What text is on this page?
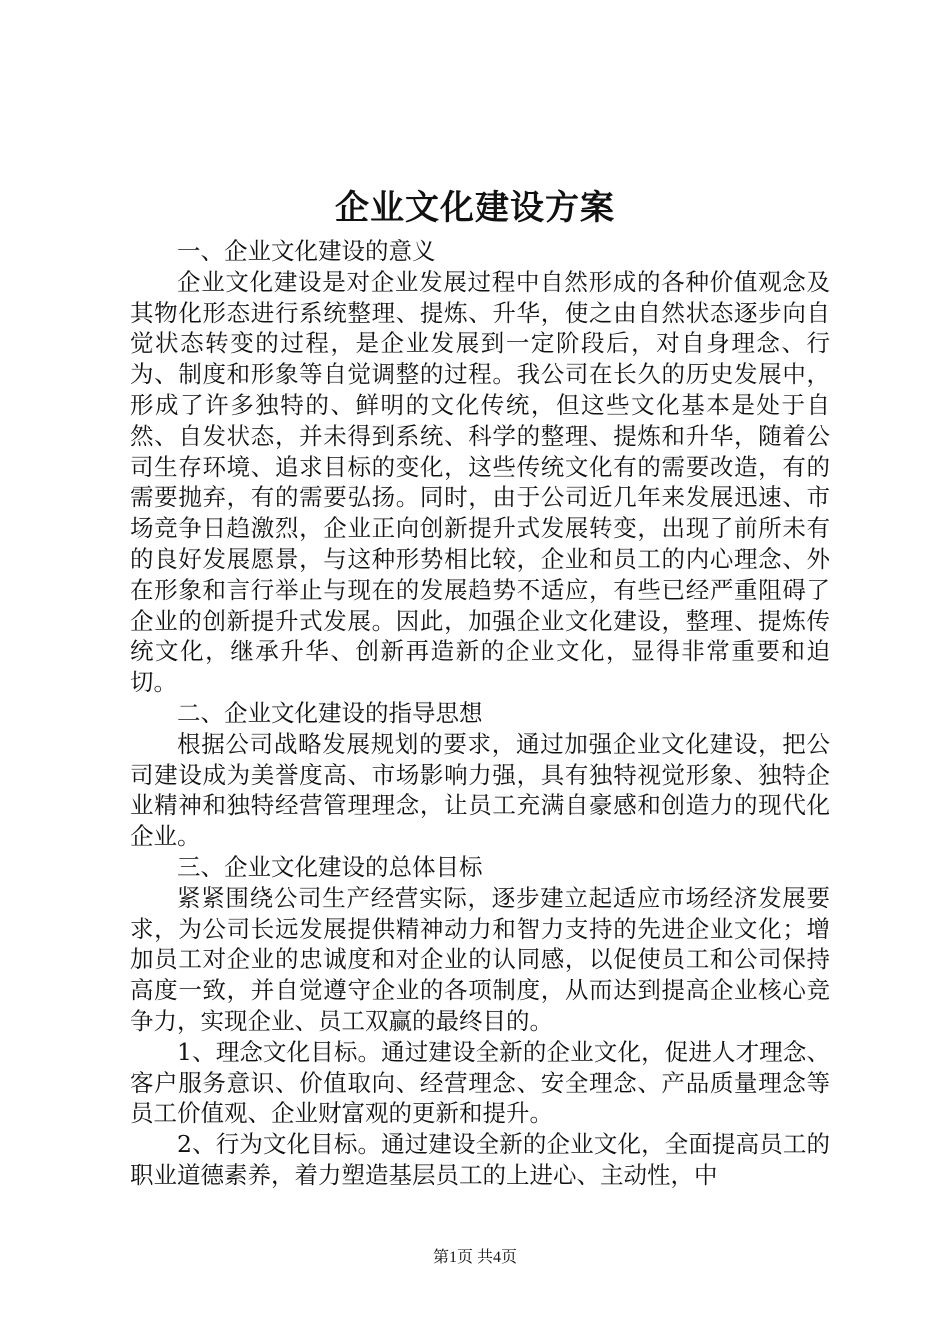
企业文化建设方案

一、企业文化建设的意义

企业文化建设是对企业发展过程中自然形成的各种价值观念及其物化形态进行系统整理、提炼、升华，使之由自然状态逐步向自觉状态转变的过程，是企业发展到一定阶段后，对自身理念、行为、制度和形象等自觉调整的过程。我公司在长久的历史发展中，形成了许多独特的、鲜明的文化传统，但这些文化基本是处于自然、自发状态，并未得到系统、科学的整理、提炼和升华，随着公司生存环境、追求目标的变化，这些传统文化有的需要改造，有的需要抛弃，有的需要弘扬。同时，由于公司近几年来发展迅速、市场竞争日趋激烈，企业正向创新提升式发展转变，出现了前所未有的良好发展愿景，与这种形势相比较，企业和员工的内心理念、外在形象和言行举止与现在的发展趋势不适应，有些已经严重阻碍了企业的创新提升式发展。因此，加强企业文化建设，整理、提炼传统文化，继承升华、创新再造新的企业文化，显得非常重要和迫切。

二、企业文化建设的指导思想

根据公司战略发展规划的要求，通过加强企业文化建设，把公司建设成为美誉度高、市场影响力强，具有独特视觉形象、独特企业精神和独特经营管理理念，让员工充满自豪感和创造力的现代化企业。

三、企业文化建设的总体目标

紧紧围绕公司生产经营实际，逐步建立起适应市场经济发展要求，为公司长远发展提供精神动力和智力支持的先进企业文化；增加员工对企业的忠诚度和对企业的认同感，以促使员工和公司保持高度一致，并自觉遵守企业的各项制度，从而达到提高企业核心竞争力，实现企业、员工双赢的最终目的。

1、理念文化目标。通过建设全新的企业文化，促进人才理念、客户服务意识、价值取向、经营理念、安全理念、产品质量理念等员工价值观、企业财富观的更新和提升。

2、行为文化目标。通过建设全新的企业文化，全面提高员工的职业道德素养，着力塑造基层员工的上进心、主动性，中

第1页 共4页
